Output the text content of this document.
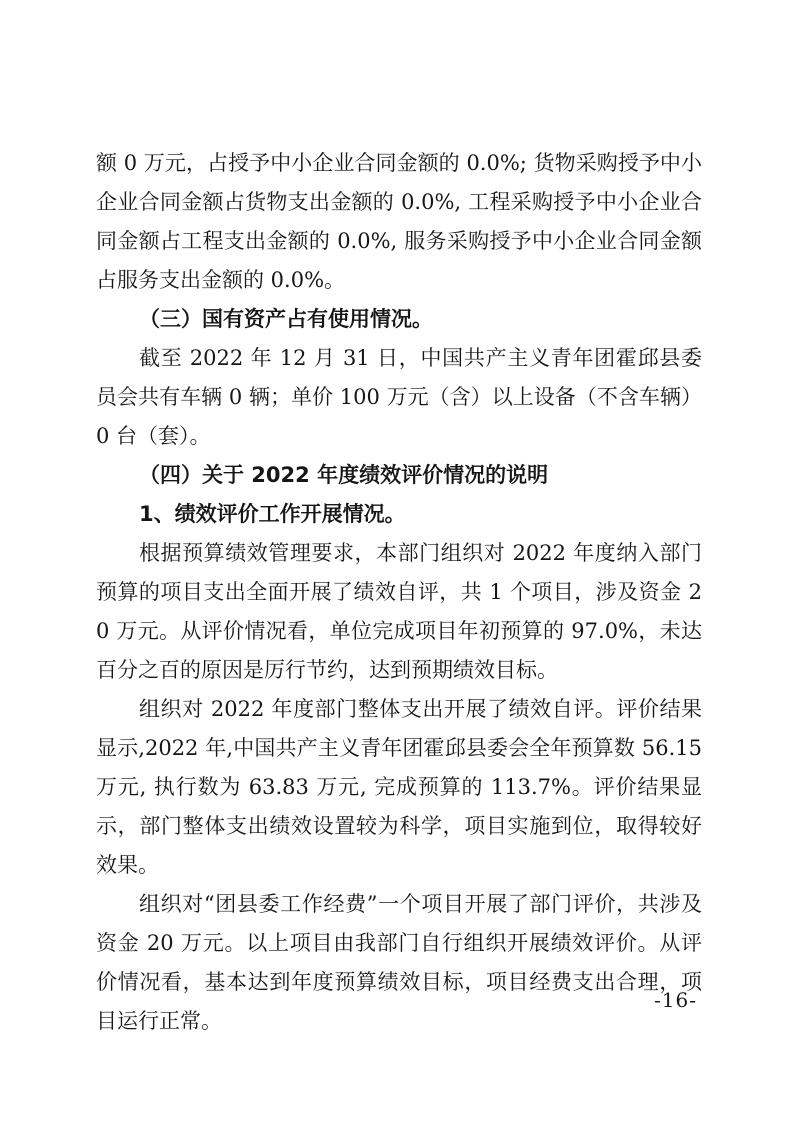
额 0 万元，占授予中小企业合同金额的 0.0%; 货物采购授予中小企业合同金额占货物支出金额的 0.0%, 工程采购授予中小企业合同金额占工程支出金额的 0.0%, 服务采购授予中小企业合同金额占服务支出金额的 0.0%。

（三）国有资产占有使用情况。

截至 2022 年 12 月 31 日，中国共产主义青年团霍邱县委员会共有车辆 0 辆；单价 100 万元（含）以上设备（不含车辆）0 台（套）。

（四）关于 2022 年度绩效评价情况的说明

1、绩效评价工作开展情况。

根据预算绩效管理要求，本部门组织对 2022 年度纳入部门预算的项目支出全面开展了绩效自评，共 1 个项目，涉及资金 20 万元。从评价情况看，单位完成项目年初预算的 97.0%，未达百分之百的原因是厉行节约，达到预期绩效目标。

组织对 2022 年度部门整体支出开展了绩效自评。评价结果显示,2022 年,中国共产主义青年团霍邱县委会全年预算数 56.15 万元, 执行数为 63.83 万元, 完成预算的 113.7%。评价结果显示，部门整体支出绩效设置较为科学，项目实施到位，取得较好效果。

组织对“团县委工作经费”一个项目开展了部门评价，共涉及资金 20 万元。以上项目由我部门自行组织开展绩效评价。从评价情况看，基本达到年度预算绩效目标，项目经费支出合理，项目运行正常。

-16-
